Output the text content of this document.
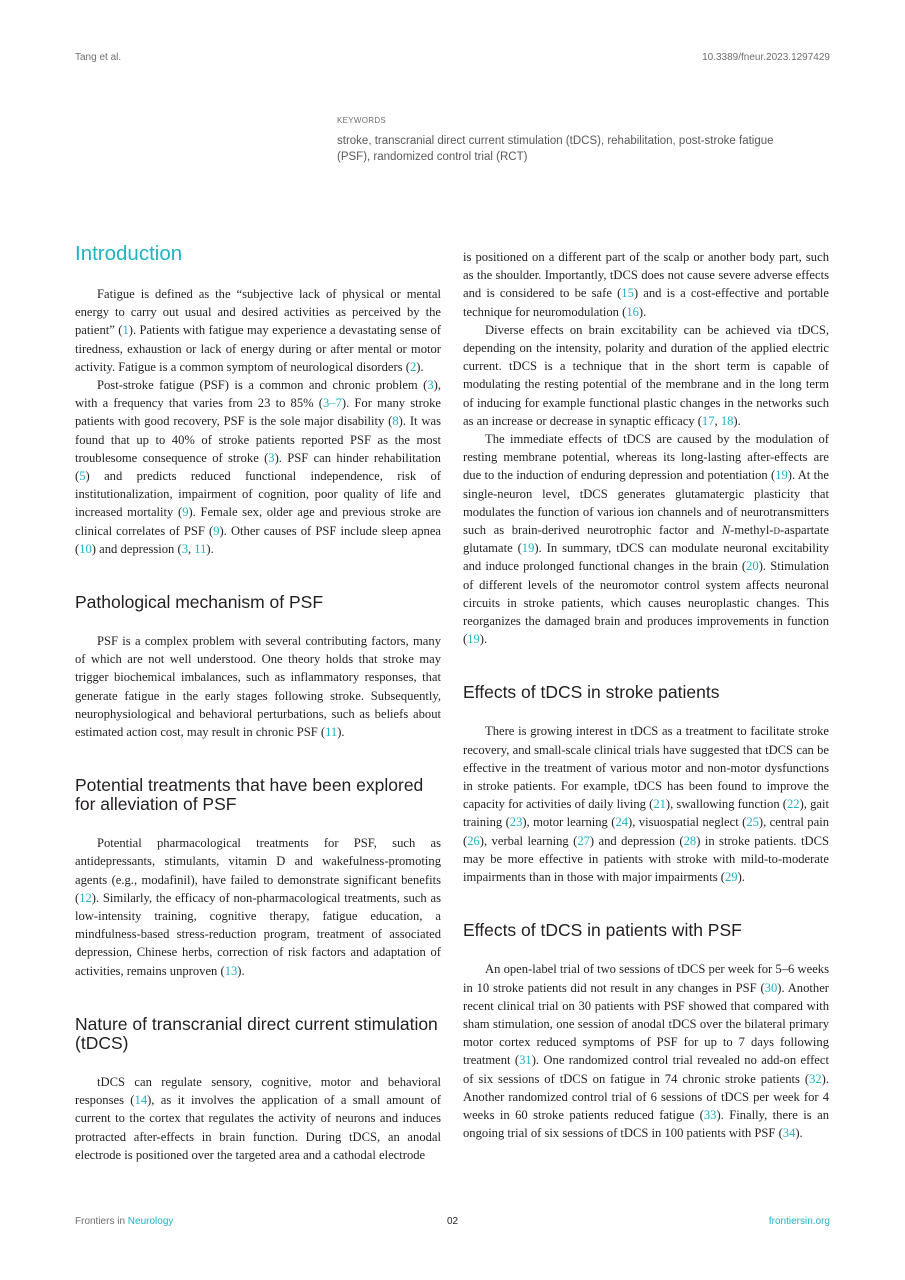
Tang et al.	10.3389/fneur.2023.1297429
KEYWORDS
stroke, transcranial direct current stimulation (tDCS), rehabilitation, post-stroke fatigue (PSF), randomized control trial (RCT)
Introduction

Fatigue is defined as the “subjective lack of physical or mental energy to carry out usual and desired activities as perceived by the patient” (1). Patients with fatigue may experience a devastating sense of tiredness, exhaustion or lack of energy during or after mental or motor activity. Fatigue is a common symptom of neurological disorders (2).

Post-stroke fatigue (PSF) is a common and chronic problem (3), with a frequency that varies from 23 to 85% (3–7). For many stroke patients with good recovery, PSF is the sole major disability (8). It was found that up to 40% of stroke patients reported PSF as the most troublesome consequence of stroke (3). PSF can hinder rehabilitation (5) and predicts reduced functional independence, risk of institutionalization, impairment of cognition, poor quality of life and increased mortality (9). Female sex, older age and previous stroke are clinical correlates of PSF (9). Other causes of PSF include sleep apnea (10) and depression (3, 11).

Pathological mechanism of PSF

PSF is a complex problem with several contributing factors, many of which are not well understood. One theory holds that stroke may trigger biochemical imbalances, such as inflammatory responses, that generate fatigue in the early stages following stroke. Subsequently, neurophysiological and behavioral perturbations, such as beliefs about estimated action cost, may result in chronic PSF (11).

Potential treatments that have been explored for alleviation of PSF

Potential pharmacological treatments for PSF, such as antidepressants, stimulants, vitamin D and wakefulness-promoting agents (e.g., modafinil), have failed to demonstrate significant benefits (12). Similarly, the efficacy of non-pharmacological treatments, such as low-intensity training, cognitive therapy, fatigue education, a mindfulness-based stress-reduction program, treatment of associated depression, Chinese herbs, correction of risk factors and adaptation of activities, remains unproven (13).

Nature of transcranial direct current stimulation (tDCS)

tDCS can regulate sensory, cognitive, motor and behavioral responses (14), as it involves the application of a small amount of current to the cortex that regulates the activity of neurons and induces protracted after-effects in brain function. During tDCS, an anodal electrode is positioned over the targeted area and a cathodal electrode

is positioned on a different part of the scalp or another body part, such as the shoulder. Importantly, tDCS does not cause severe adverse effects and is considered to be safe (15) and is a cost-effective and portable technique for neuromodulation (16).

Diverse effects on brain excitability can be achieved via tDCS, depending on the intensity, polarity and duration of the applied electric current. tDCS is a technique that in the short term is capable of modulating the resting potential of the membrane and in the long term of inducing for example functional plastic changes in the networks such as an increase or decrease in synaptic efficacy (17, 18).

The immediate effects of tDCS are caused by the modulation of resting membrane potential, whereas its long-lasting after-effects are due to the induction of enduring depression and potentiation (19). At the single-neuron level, tDCS generates glutamatergic plasticity that modulates the function of various ion channels and of neurotransmitters such as brain-derived neurotrophic factor and N-methyl-d-aspartate glutamate (19). In summary, tDCS can modulate neuronal excitability and induce prolonged functional changes in the brain (20). Stimulation of different levels of the neuromotor control system affects neuronal circuits in stroke patients, which causes neuroplastic changes. This reorganizes the damaged brain and produces improvements in function (19).

Effects of tDCS in stroke patients

There is growing interest in tDCS as a treatment to facilitate stroke recovery, and small-scale clinical trials have suggested that tDCS can be effective in the treatment of various motor and non-motor dysfunctions in stroke patients. For example, tDCS has been found to improve the capacity for activities of daily living (21), swallowing function (22), gait training (23), motor learning (24), visuospatial neglect (25), central pain (26), verbal learning (27) and depression (28) in stroke patients. tDCS may be more effective in patients with stroke with mild-to-moderate impairments than in those with major impairments (29).

Effects of tDCS in patients with PSF

An open-label trial of two sessions of tDCS per week for 5–6 weeks in 10 stroke patients did not result in any changes in PSF (30). Another recent clinical trial on 30 patients with PSF showed that compared with sham stimulation, one session of anodal tDCS over the bilateral primary motor cortex reduced symptoms of PSF for up to 7 days following treatment (31). One randomized control trial revealed no add-on effect of six sessions of tDCS on fatigue in 74 chronic stroke patients (32). Another randomized control trial of 6 sessions of tDCS per week for 4 weeks in 60 stroke patients reduced fatigue (33). Finally, there is an ongoing trial of six sessions of tDCS in 100 patients with PSF (34).

Frontiers in Neurology	02	frontiersin.org
